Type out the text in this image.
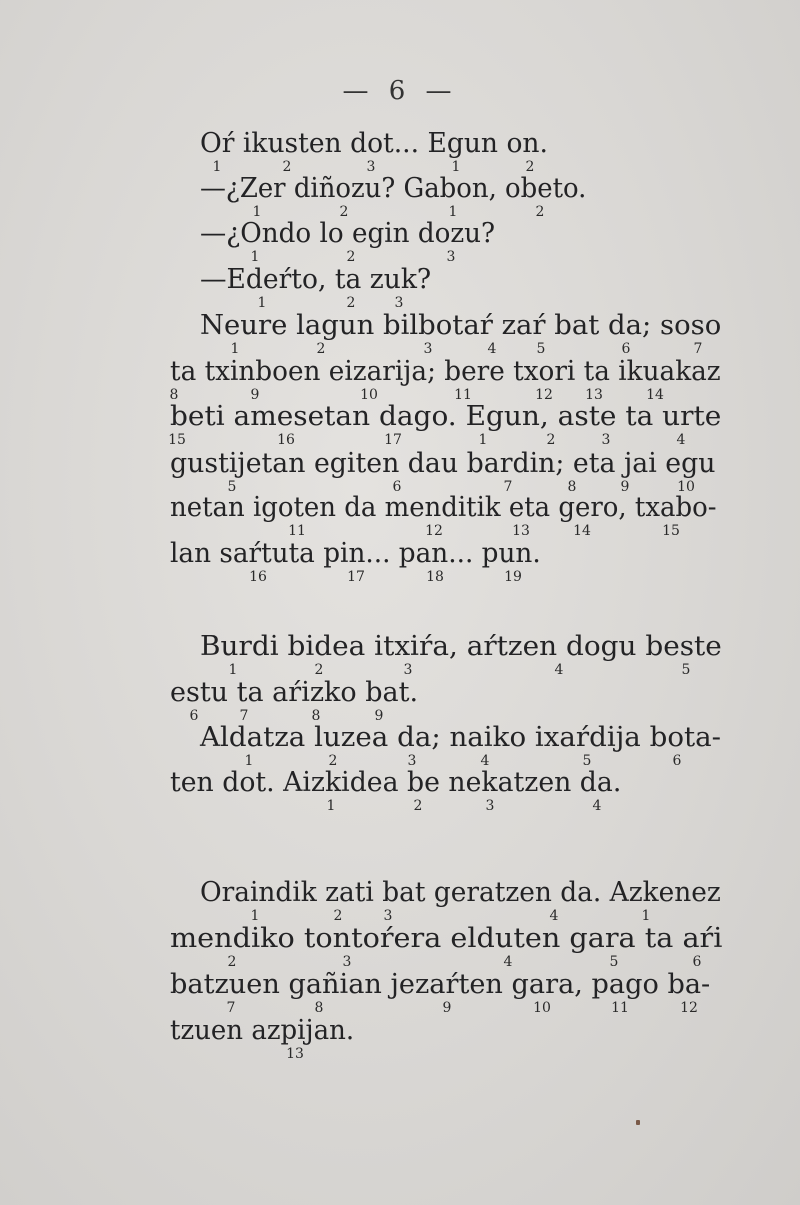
— 6 —
Oŕ ikusten dot... Egun on.
1	2	3	1	2
—¿Zer diñozu? Gabon, obeto.
1	2	1	2
—¿Ondo lo egin dozu?
1	2	3
—Edeŕto, ta zuk?
1	2	3
Neure lagun bilbotaŕ zaŕ bat da; soso
1	2	3	4	5	6	7
ta txinboen eizarija; bere txori ta ikuakaz
8	9	10	11	12 13	14
beti amesetan dago. Egun, aste ta urte
15	16	17	1	2	3	4
gustijetan egiten dau bardin; eta jai egu
5	6	7	8	9	10
netan igoten da menditik eta gero, txabo-
11	12	13	14	15
lan saŕtuta pin... pan... pun.
16	17	18	19
Burdi bidea itxiŕa, aŕtzen dogu beste
1	2	3	4	5
estu ta aŕizko bat.
6	7	8	9
Aldatza luzea da; naiko ixaŕdija bota-
1	2	3	4	5	6
ten dot. Aizkidea be nekatzen da.
1	2	3	4
Oraindik zati bat geratzen da. Azkenez
1	2	3	4	1
mendiko tontoŕera elduten gara ta aŕi
2	3	4	5	6
batzuen gañian jezaŕten gara, pago ba-
7	8	9	10	11	12
tzuen azpijan.
13
